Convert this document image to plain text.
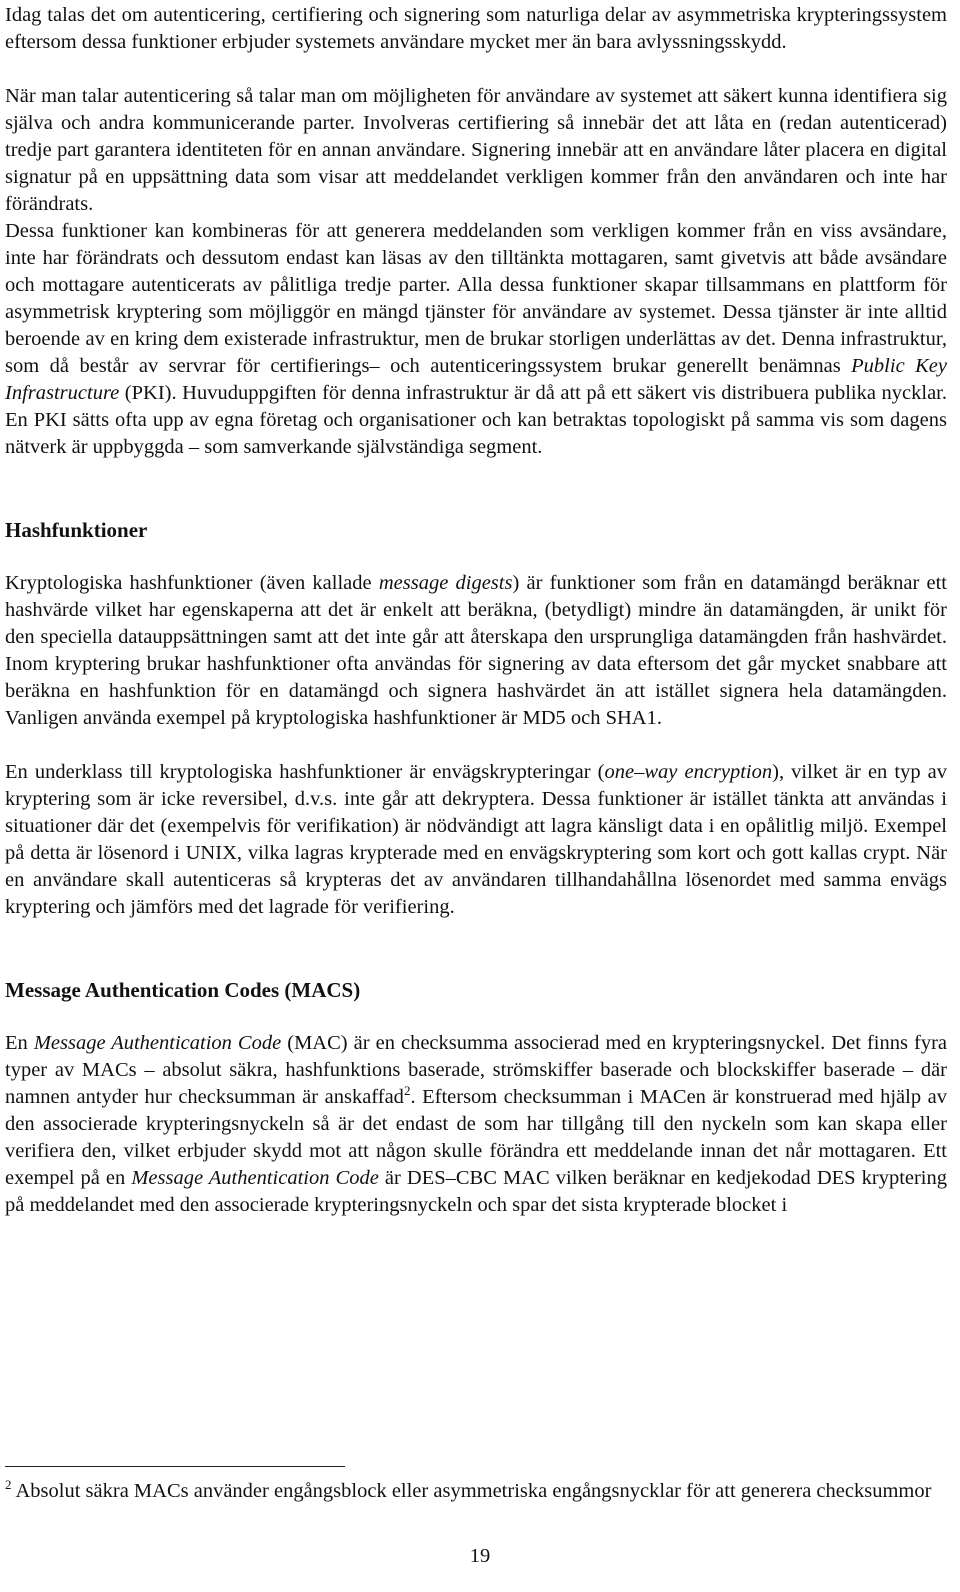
Idag talas det om autenticering, certifiering och signering som naturliga delar av asymmetriska krypteringssystem eftersom dessa funktioner erbjuder systemets användare mycket mer än bara avlyssningsskydd.

När man talar autenticering så talar man om möjligheten för användare av systemet att säkert kunna identifiera sig själva och andra kommunicerande parter. Involveras certifiering så innebär det att låta en (redan autenticerad) tredje part garantera identiteten för en annan användare. Signering innebär att en användare låter placera en digital signatur på en uppsättning data som visar att meddelandet verkligen kommer från den användaren och inte har förändrats.

Dessa funktioner kan kombineras för att generera meddelanden som verkligen kommer från en viss avsändare, inte har förändrats och dessutom endast kan läsas av den tilltänkta mottagaren, samt givetvis att både avsändare och mottagare autenticerats av pålitliga tredje parter. Alla dessa funktioner skapar tillsammans en plattform för asymmetrisk kryptering som möjliggör en mängd tjänster för användare av systemet. Dessa tjänster är inte alltid beroende av en kring dem existerade infrastruktur, men de brukar storligen underlättas av det. Denna infrastruktur, som då består av servrar för certifierings– och autenticeringssystem brukar generellt benämnas Public Key Infrastructure (PKI). Huvuduppgiften för denna infrastruktur är då att på ett säkert vis distribuera publika nycklar. En PKI sätts ofta upp av egna företag och organisationer och kan betraktas topologiskt på samma vis som dagens nätverk är uppbyggda – som samverkande självständiga segment.

Hashfunktioner

Kryptologiska hashfunktioner (även kallade message digests) är funktioner som från en datamängd beräknar ett hashvärde vilket har egenskaperna att det är enkelt att beräkna, (betydligt) mindre än datamängden, är unikt för den speciella datauppsättningen samt att det inte går att återskapa den ursprungliga datamängden från hashvärdet. Inom kryptering brukar hashfunktioner ofta användas för signering av data eftersom det går mycket snabbare att beräkna en hashfunktion för en datamängd och signera hashvärdet än att istället signera hela datamängden. Vanligen använda exempel på kryptologiska hashfunktioner är MD5 och SHA1.

En underklass till kryptologiska hashfunktioner är envägskrypteringar (one–way encryption), vilket är en typ av kryptering som är icke reversibel, d.v.s. inte går att dekryptera. Dessa funktioner är istället tänkta att användas i situationer där det (exempelvis för verifikation) är nödvändigt att lagra känsligt data i en opålitlig miljö. Exempel på detta är lösenord i UNIX, vilka lagras krypterade med en envägskryptering som kort och gott kallas crypt. När en användare skall autenticeras så krypteras det av användaren tillhandahållna lösenordet med samma envägs kryptering och jämförs med det lagrade för verifiering.

Message Authentication Codes (MACS)

En Message Authentication Code (MAC) är en checksumma associerad med en krypteringsnyckel. Det finns fyra typer av MACs – absolut säkra, hashfunktions baserade, strömskiffer baserade och blockskiffer baserade – där namnen antyder hur checksumman är anskaffad$^2$. Eftersom checksumman i MACen är konstruerad med hjälp av den associerade krypteringsnyckeln så är det endast de som har tillgång till den nyckeln som kan skapa eller verifiera den, vilket erbjuder skydd mot att någon skulle förändra ett meddelande innan det når mottagaren. Ett exempel på en Message Authentication Code är DES–CBC MAC vilken beräknar en kedjekodad DES kryptering på meddelandet med den associerade krypteringsnyckeln och spar det sista krypterade blocket i

$^2$ Absolut säkra MACs använder engångsblock eller asymmetriska engångsnycklar för att generera checksummor
19
